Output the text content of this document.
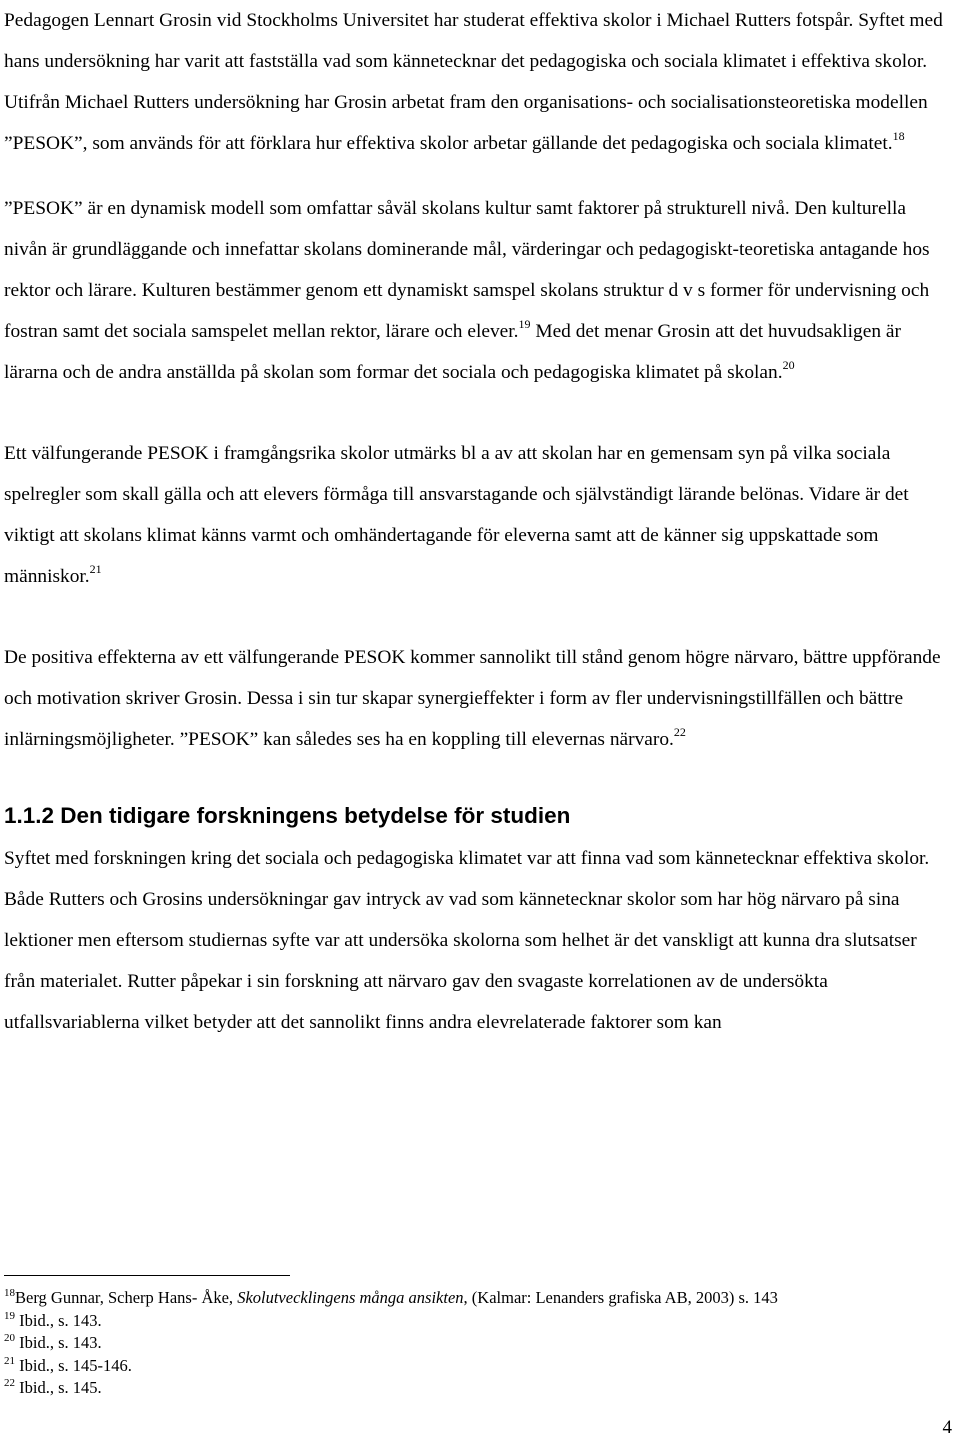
Pedagogen Lennart Grosin vid Stockholms Universitet har studerat effektiva skolor i Michael Rutters fotspår. Syftet med hans undersökning har varit att fastställa vad som kännetecknar det pedagogiska och sociala klimatet i effektiva skolor. Utifrån Michael Rutters undersökning har Grosin arbetat fram den organisations- och socialisationsteoretiska modellen ”PESOK”, som används för att förklara hur effektiva skolor arbetar gällande det pedagogiska och sociala klimatet.$^{18}$

”PESOK” är en dynamisk modell som omfattar såväl skolans kultur samt faktorer på strukturell nivå. Den kulturella nivån är grundläggande och innefattar skolans dominerande mål, värderingar och pedagogiskt-teoretiska antagande hos rektor och lärare. Kulturen bestämmer genom ett dynamiskt samspel skolans struktur d v s former för undervisning och fostran samt det sociala samspelet mellan rektor, lärare och elever.$^{19}$ Med det menar Grosin att det huvudsakligen är lärarna och de andra anställda på skolan som formar det sociala och pedagogiska klimatet på skolan.$^{20}$

Ett välfungerande PESOK i framgångsrika skolor utmärks bl a av att skolan har en gemensam syn på vilka sociala spelregler som skall gälla och att elevers förmåga till ansvarstagande och självständigt lärande belönas. Vidare är det viktigt att skolans klimat känns varmt och omhändertagande för eleverna samt att de känner sig uppskattade som människor.$^{21}$

De positiva effekterna av ett välfungerande PESOK kommer sannolikt till stånd genom högre närvaro, bättre uppförande och motivation skriver Grosin. Dessa i sin tur skapar synergieffekter i form av fler undervisningstillfällen och bättre inlärningsmöjligheter. ”PESOK” kan således ses ha en koppling till elevernas närvaro.$^{22}$

1.1.2 Den tidigare forskningens betydelse för studien

Syftet med forskningen kring det sociala och pedagogiska klimatet var att finna vad som kännetecknar effektiva skolor. Både Rutters och Grosins undersökningar gav intryck av vad som kännetecknar skolor som har hög närvaro på sina lektioner men eftersom studiernas syfte var att undersöka skolorna som helhet är det vanskligt att kunna dra slutsatser från materialet. Rutter påpekar i sin forskning att närvaro gav den svagaste korrelationen av de undersökta utfallsvariablerna vilket betyder att det sannolikt finns andra elevrelaterade faktorer som kan

$^{18}$Berg Gunnar, Scherp Hans- Åke, Skolutvecklingens många ansikten, (Kalmar: Lenanders grafiska AB, 2003) s. 143
$^{19}$ Ibid., s. 143.
$^{20}$ Ibid., s. 143.
$^{21}$ Ibid., s. 145-146.
$^{22}$ Ibid., s. 145.
4
